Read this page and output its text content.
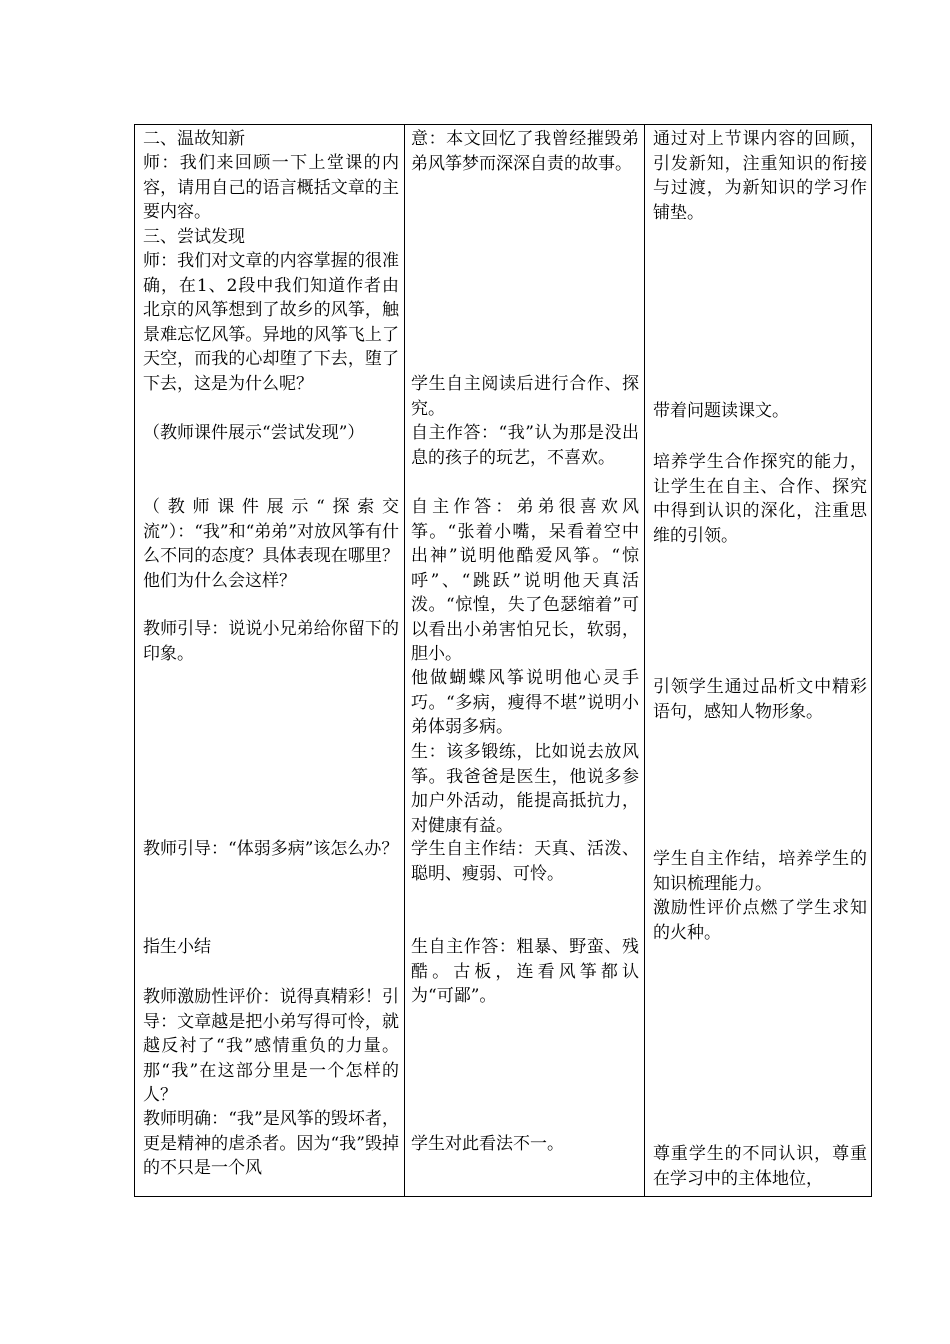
二、温故知新

师：我们来回顾一下上堂课的内容，请用自己的语言概括文章的主要内容。

三、尝试发现

师：我们对文章的内容掌握的很准确，在1、2段中我们知道作者由北京的风筝想到了故乡的风筝，触景难忘忆风筝。异地的风筝飞上了天空，而我的心却堕了下去，堕了下去，这是为什么呢？

（教师课件展示“尝试发现”）

（教师课件展示“探索交流”）：“我”和“弟弟”对放风筝有什么不同的态度？具体表现在哪里？他们为什么会这样？

教师引导：说说小兄弟给你留下的印象。

教师引导：“体弱多病”该怎么办？

指生小结

教师激励性评价：说得真精彩！引导：文章越是把小弟写得可怜，就越反衬了“我”感情重负的力量。那“我”在这部分里是一个怎样的人？

教师明确：“我”是风筝的毁坏者，更是精神的虐杀者。因为“我”毁掉的不只是一个风

意：本文回忆了我曾经摧毁弟弟风筝梦而深深自责的故事。

学生自主阅读后进行合作、探究。

自主作答：“我”认为那是没出息的孩子的玩艺，不喜欢。

自主作答：弟弟很喜欢风筝。“张着小嘴，呆看着空中出神”说明他酷爱风筝。“惊呼”、“跳跃”说明他天真活泼。“惊惶，失了色瑟缩着”可以看出小弟害怕兄长，软弱，胆小。

他做蝴蝶风筝说明他心灵手巧。“多病，瘦得不堪”说明小弟体弱多病。

生：该多锻练，比如说去放风筝。我爸爸是医生，他说多参加户外活动，能提高抵抗力，对健康有益。

学生自主作结：天真、活泼、聪明、瘦弱、可怜。

生自主作答：粗暴、野蛮、残酷。古板，连看风筝都认为“可鄙”。

学生对此看法不一。

通过对上节课内容的回顾，引发新知，注重知识的衔接与过渡，为新知识的学习作铺垫。

带着问题读课文。

培养学生合作探究的能力，让学生在自主、合作、探究中得到认识的深化，注重思维的引领。

引领学生通过品析文中精彩语句，感知人物形象。

学生自主作结，培养学生的知识梳理能力。

激励性评价点燃了学生求知的火种。

尊重学生的不同认识，尊重在学习中的主体地位，
